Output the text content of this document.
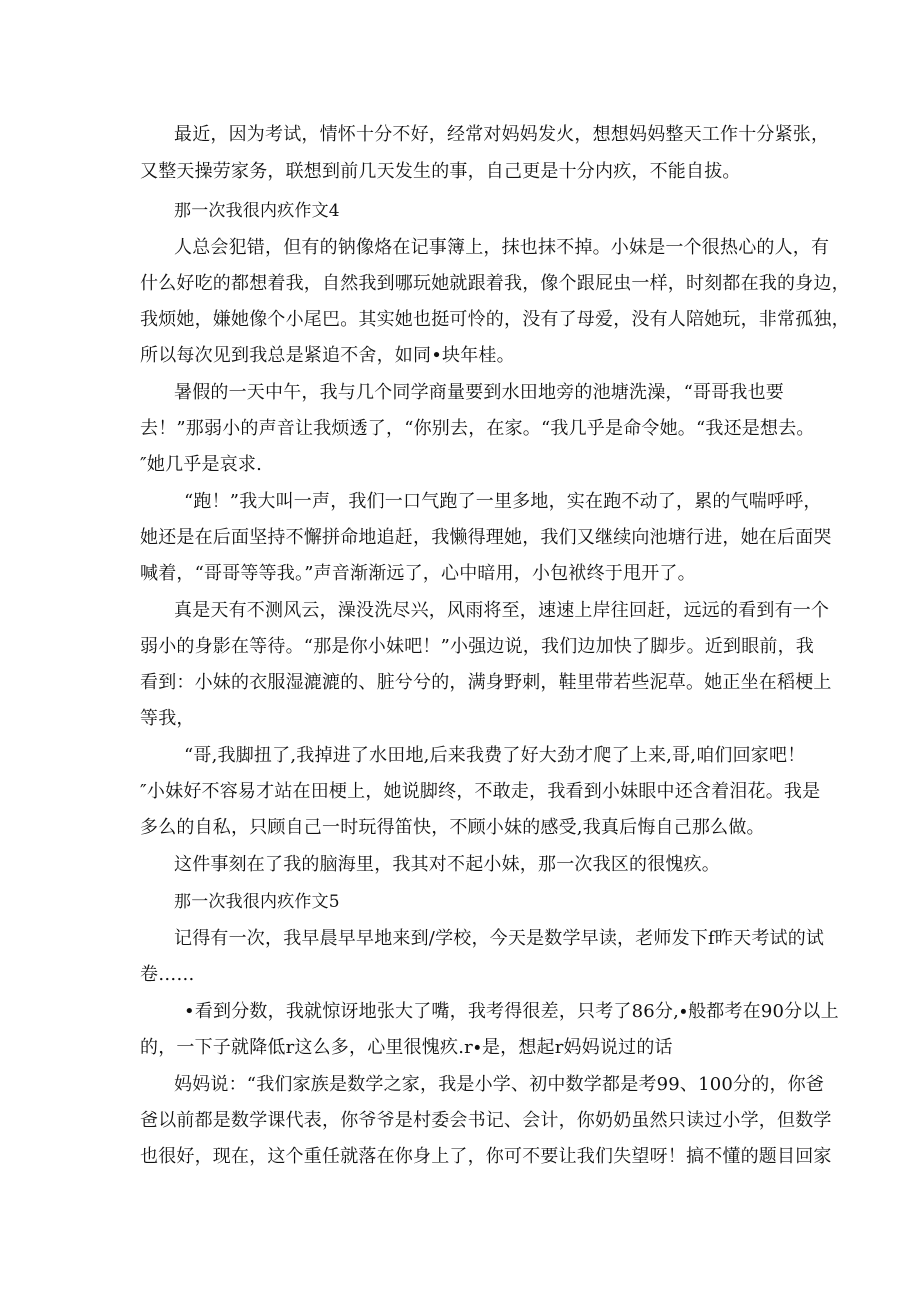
最近，因为考试，情怀十分不好，经常对妈妈发火，想想妈妈整天工作十分紧张，
又整天操劳家务，联想到前几天发生的事，自己更是十分内疚，不能自拔。
那一次我很内疚作文4
人总会犯错，但有的钠像烙在记事簿上，抹也抹不掉。小妹是一个很热心的人，有
什么好吃的都想着我，自然我到哪玩她就跟着我，像个跟屁虫一样，时刻都在我的身边，
我烦她，嫌她像个小尾巴。其实她也挺可怜的，没有了母爱，没有人陪她玩，非常孤独，
所以每次见到我总是紧追不舍，如同•块年桂。
暑假的一天中午，我与几个同学商量要到水田地旁的池塘洗澡，“哥哥我也要
去！”那弱小的声音让我烦透了，“你别去，在家。“我几乎是命令她。“我还是想去。
″她几乎是哀求.
“跑！”我大叫一声，我们一口气跑了一里多地，实在跑不动了，累的气喘呼呼，
她还是在后面坚持不懈拼命地追赶，我懒得理她，我们又继续向池塘行进，她在后面哭
喊着，“哥哥等等我。”声音渐渐远了，心中暗用，小包袱终于甩开了。
真是天有不测风云，澡没洗尽兴，风雨将至，速速上岸往回赶，远远的看到有一个
弱小的身影在等待。“那是你小妹吧！”小强边说，我们边加快了脚步。近到眼前，我
看到：小妹的衣服湿漉漉的、脏兮兮的，满身野刺，鞋里带若些泥草。她正坐在稻梗上
等我，
“哥,我脚扭了,我掉进了水田地,后来我费了好大劲才爬了上来,哥,咱们回家吧！
″小妹好不容易才站在田梗上，她说脚终，不敢走，我看到小妹眼中还含着泪花。我是
多么的自私，只顾自己一时玩得笛快，不顾小妹的感受,我真后悔自己那么做。
这件事刻在了我的脑海里，我其对不起小妹，那一次我区的很愧疚。
那一次我很内疚作文5
记得有一次，我早晨早早地来到/学校，今天是数学早读，老师发下f昨天考试的试
卷……
•看到分数，我就惊讶地张大了嘴，我考得很差，只考了86分,∙般都考在90分以上
的，一下子就降低r这么多，心里很愧疚.r∙是，想起r妈妈说过的话
妈妈说：“我们家族是数学之家，我是小学、初中数学都是考99、100分的，你爸
爸以前都是数学课代表，你爷爷是村委会书记、会计，你奶奶虽然只读过小学，但数学
也很好，现在，这个重任就落在你身上了，你可不要让我们失望呀！搞不懂的题目回家
